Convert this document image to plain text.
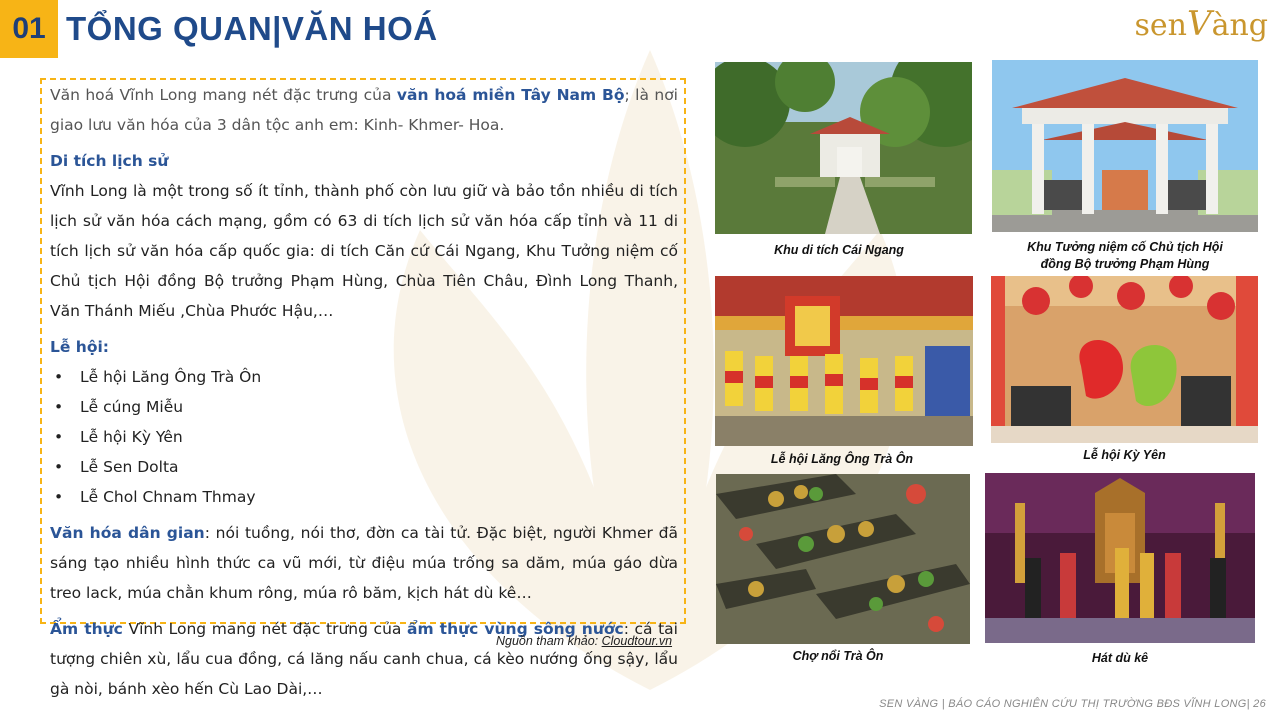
01 TỔNG QUAN|VĂN HOÁ	senVàng

Văn hoá Vĩnh Long mang nét đặc trưng của văn hoá miền Tây Nam Bộ; là nơi giao lưu văn hóa của 3 dân tộc anh em: Kinh- Khmer- Hoa.

Di tích lịch sử

Vĩnh Long là một trong số ít tỉnh, thành phố còn lưu giữ và bảo tồn nhiều di tích lịch sử văn hóa cách mạng, gồm có 63 di tích lịch sử văn hóa cấp tỉnh và 11 di tích lịch sử văn hóa cấp quốc gia: di tích Căn cứ Cái Ngang, Khu Tưởng niệm cố Chủ tịch Hội đồng Bộ trưởng Phạm Hùng, Chùa Tiên Châu, Đình Long Thanh, Văn Thánh Miếu ,Chùa Phước Hậu,…

Lễ hội:

• Lễ hội Lăng Ông Trà Ôn
• Lễ cúng Miễu
• Lễ hội Kỳ Yên
• Lễ Sen Dolta
• Lễ Chol Chnam Thmay

Văn hóa dân gian: nói tuồng, nói thơ, đờn ca tài tử. Đặc biệt, người Khmer đã sáng tạo nhiều hình thức ca vũ mới, từ điệu múa trống sa dăm, múa gáo dừa treo lack, múa chằn khum rông, múa rô băm, kịch hát dù kê…

Ẩm thực Vĩnh Long mang nét đặc trưng của ẩm thực vùng sông nước: cá tai tượng chiên xù, lẩu cua đồng, cá lăng nấu canh chua, cá kèo nướng ống sậy, lẩu gà nòi, bánh xèo hến Cù Lao Dài,…

Nguồn tham khảo: Cloudtour.vn
Khu di tích Cái Ngang	Khu Tưởng niệm cố Chủ tịch Hội
đồng Bộ trưởng Phạm Hùng
Lễ hội Lăng Ông Trà Ôn	Lễ hội Kỳ Yên
Chợ nổi Trà Ôn	Hát dù kê
SEN VÀNG | BÁO CÁO NGHIÊN CỨU THỊ TRƯỜNG BĐS VĨNH LONG| 26
